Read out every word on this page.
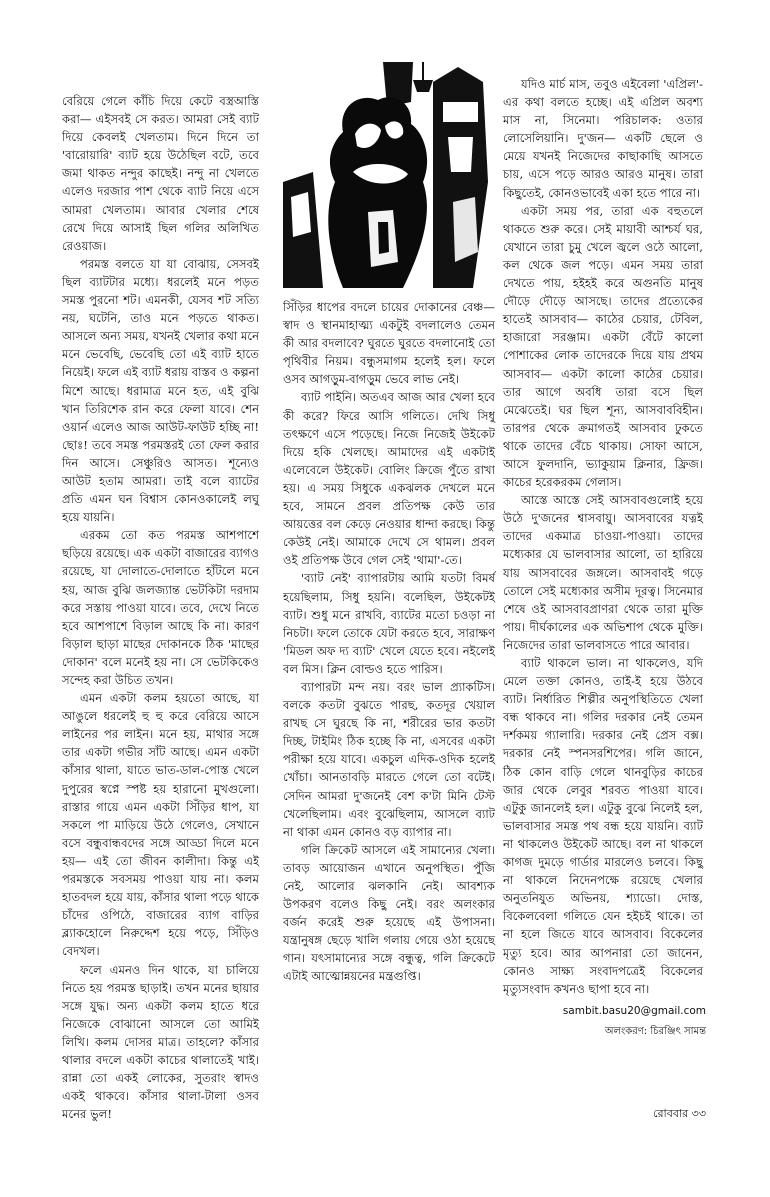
বেরিয়ে গেলে কাঁচি দিয়ে কেটে বস্ত্রআস্তি করা— এইসবই সে করত। আমরা সেই ব্যাট দিয়ে কেবলই খেলতাম। দিনে দিনে তা 'বারোয়ারি' ব্যাট হয়ে উঠেছিল বটে, তবে জমা থাকত নন্দুর কাছেই। নন্দু না খেলতে এলেও দরজার পাশ থেকে ব্যাট নিয়ে এসে আমরা খেলতাম। আবার খেলার শেষে রেখে দিয়ে আসাই ছিল গলির অলিখিত রেওয়াজ।

পরমস্ত বলতে যা যা বোঝায়, সেসবই ছিল ব্যাটটার মধ্যে। ধরলেই মনে পড়ত সমস্ত পুরনো শট। এমনকী, যেসব শট সত্যি নয়, ঘটেনি, তাও মনে পড়তে থাকত। আসলে অন্য সময়, যখনই খেলার কথা মনে মনে ভেবেছি, ভেবেছি তো এই ব্যাট হাতে নিয়েই। ফলে এই ব্যাট ধরায় বাস্তব ও কল্পনা মিশে আছে। ধরামাত্র মনে হত, এই বুঝি খান তিরিশেক রান করে ফেলা যাবে। শেন ওয়ার্ন এলেও আজ আউট-ফাউট হচ্ছি না! ছোঃ! তবে সমস্ত পরমস্তরই তো ফেল করার দিন আসে। সেঞ্চুরিও আসত। শূন্যেও আউট হতাম আমরা। তাই বলে ব্যাটের প্রতি এমন ঘন বিশ্বাস কোনওকালেই লঘু হয়ে যায়নি।

এরকম তো কত পরমস্ত আশপাশে ছড়িয়ে রয়েছে। এক একটা বাজারের ব্যাগও রয়েছে, যা দোলাতে-দোলাতে হাঁটলে মনে হয়, আজ বুঝি জলজ্যান্ত ভেটকিটা দরদাম করে সস্তায় পাওয়া যাবে। তবে, দেখে নিতে হবে আশপাশে বিড়াল আছে কি না। কারণ বিড়াল ছাড়া মাছের দোকানকে ঠিক 'মাছের দোকান' বলে মনেই হয় না। সে ভেটকিকেও সন্দেহ করা উচিত তখন।

এমন একটা কলম হয়তো আছে, যা আঙুলে ধরলেই হু হু করে বেরিয়ে আসে লাইনের পর লাইন। মনে হয়, মাথার সঙ্গে তার একটা গভীর সাঁট আছে। এমন একটা কাঁসার থালা, যাতে ভাত-ডাল-পোস্ত খেলে দুপুরের স্বপ্নে স্পষ্ট হয় হারানো মুখগুলো। রাস্তার গায়ে এমন একটা সিঁড়ির ধাপ, যা সকলে পা মাড়িয়ে উঠে গেলেও, সেখানে বসে বন্ধুবান্ধবদের সঙ্গে আড্ডা দিলে মনে হয়— এই তো জীবন কালীদা। কিন্তু এই পরমস্তকে সবসময় পাওয়া যায় না। কলম হাতবদল হয়ে যায়, কাঁসার থালা পড়ে থাকে চাঁদের ওপিঠে, বাজারের ব্যাগ বাড়ির ব্ল্যাকহোলে নিরুদ্দেশ হয়ে পড়ে, সিঁড়িও বেদখল।

ফলে এমনও দিন থাকে, যা চালিয়ে নিতে হয় পরমস্ত ছাড়াই। তখন মনের ছায়ার সঙ্গে যুদ্ধ। অন্য একটা কলম হাতে ধরে নিজেকে বোঝানো আসলে তো আমিই লিখি। কলম দোসর মাত্র। তাহলে? কাঁসার থালার বদলে একটা কাচের থালাতেই খাই। রান্না তো একই লোকের, সুতরাং স্বাদও একই থাকবে। কাঁসার থালা-টালা ওসব মনের ভুল!

সিঁড়ির ধাপের বদলে চায়ের দোকানের বেঞ্চ— স্বাদ ও স্থানমাহাত্ম্য একটুই বদলালেও তেমন কী আর বদলাবে? ঘুরতে ঘুরতে বদলানোই তো পৃথিবীর নিয়ম। বন্ধুসমাগম হলেই হল। ফলে ওসব আগড়ুম-বাগড়ুম ভেবে লাভ নেই।

ব্যাট পাইনি। অতএব আজ আর খেলা হবে কী করে? ফিরে আসি গলিতে। দেখি সিধু তৎক্ষণে এসে পড়েছে। নিজে নিজেই উইকেট দিয়ে হকি খেলছে। আমাদের এই একটাই এলেবেলে উইকেট। বোলিং ক্রিজে পুঁতে রাখা হয়। এ সময় সিধুকে একঝলক দেখলে মনে হবে, সামনে প্রবল প্রতিপক্ষ কেউ তার আয়ত্তের বল কেড়ে নেওয়ার ধান্দা করছে। কিন্তু কেউই নেই। আমাকে দেখে সে থামল। প্রবল ওই প্রতিপক্ষ উবে গেল সেই 'থামা'-তে।

'ব্যাট নেই' ব্যাপারটায় আমি যতটা বিমর্ষ হয়েছিলাম, সিধু হয়নি। বলেছিল, উইকেটই ব্যাট। শুধু মনে রাখবি, ব্যাটের মতো চওড়া না নিচটা। ফলে তোকে যেটা করতে হবে, সারাক্ষণ 'মিডল অফ দ্য ব্যাট' খেলে যেতে হবে। নইলেই বল মিস। ক্লিন বোল্ডও হতে পারিস।

ব্যাপারটা মন্দ নয়। বরং ভাল প্র্যাকটিস। বলকে কতটা বুঝতে পারছ, কতদূর খেয়াল রাখছ সে ঘুরছে কি না, শরীরের ভার কতটা দিচ্ছ, টাইমিং ঠিক হচ্ছে কি না, এসবের একটা পরীক্ষা হয়ে যাবে। একচুল এদিক-ওদিক হলেই খোঁচা। আনতাবড়ি মারতে গেলে তো বটেই। সেদিন আমরা দু'জনেই বেশ ক'টা মিনি টেস্ট খেলেছিলাম। এবং বুঝেছিলাম, আসলে ব্যাট না থাকা এমন কোনও বড় ব্যাপার না।

গলি ক্রিকেট আসলে এই সামান্যের খেলা। তাবড় আয়োজন এখানে অনুপস্থিত। পুঁজি নেই, আলোর ঝলকানি নেই। আবশ্যক উপকরণ বলেও কিছু নেই। বরং অলংকার বর্জন করেই শুরু হয়েছে এই উপাসনা। যন্ত্রানুষঙ্গ ছেড়ে খালি গলায় গেয়ে ওঠা হয়েছে গান। যৎসামান্যের সঙ্গে বন্ধুত্ব, গলি ক্রিকেটে এটাই আত্মোন্নয়নের মন্ত্রগুপ্তি।

যদিও মার্চ মাস, তবুও এইবেলা 'এপ্রিল'-এর কথা বলতে হচ্ছে। এই এপ্রিল অবশ্য মাস না, সিনেমা। পরিচালক: ওতার লোসেলিয়ানি। দু'জন— একটি ছেলে ও মেয়ে যখনই নিজেদের কাছাকাছি আসতে চায়, এসে পড়ে আরও আরও মানুষ। তারা কিছুতেই, কোনওভাবেই একা হতে পারে না।

একটা সময় পর, তারা এক বহুতলে থাকতে শুরু করে। সেই মায়াবী আশ্চর্য ঘর, যেখানে তারা চুমু খেলে জ্বলে ওঠে আলো, কল থেকে জল পড়ে। এমন সময় তারা দেখতে পায়, হইহই করে অগুনতি মানুষ দৌড়ে দৌড়ে আসছে। তাদের প্রত্যেকের হাতেই আসবাব— কাঠের চেয়ার, টেবিল, হাজারো সরঞ্জাম। একটা বেঁটে কালো পোশাকের লোক তাদেরকে দিয়ে যায় প্রথম আসবাব— একটা কালো কাঠের চেয়ার। তার আগে অবধি তারা বসে ছিল মেঝেতেই। ঘর ছিল শূন্য, আসবাববিহীন। তারপর থেকে ক্রমাগতই আসবাব ঢুকতে থাকে তাদের বেঁচে থাকায়। সোফা আসে, আসে ফুলদানি, ভ্যাকুয়াম ক্লিনার, ফ্রিজ। কাচের হরেকরকম গেলাস।

আস্তে আস্তে সেই আসবাবগুলোই হয়ে উঠে দু'জনের শ্বাসবায়ু। আসবাবের যত্নই তাদের একমাত্র চাওয়া-পাওয়া। তাদের মধ্যেকার যে ভালবাসার আলো, তা হারিয়ে যায় আসবাবের জঙ্গলে। আসবাবই গড়ে তোলে সেই মধ্যেকার অসীম দূরত্ব। সিনেমার শেষে ওই আসবাবপ্রাণরা থেকে তারা মুক্তি পায়। দীর্ঘকালের এক অভিশাপ থেকে মুক্তি। নিজেদের তারা ভালবাসতে পারে আবার।

ব্যাট থাকলে ভাল। না থাকলেও, যদি মেলে তক্তা কোনও, তাই-ই হয়ে উঠবে ব্যাট। নির্ধারিত শিল্পীর অনুপস্থিতিতে খেলা বন্ধ থাকবে না। গলির দরকার নেই তেমন দর্শকময় গ্যালারি। দরকার নেই প্রেস বক্স। দরকার নেই স্পনসরশিপের। গলি জানে, ঠিক কোন বাড়ি গেলে থানবুড়ির কাচের জার থেকে লেবুর শরবত পাওয়া যাবে। এটুকু জানলেই হল। এটুকু বুঝে নিলেই হল, ভালবাসার সমস্ত পথ বন্ধ হয়ে যায়নি। ব্যাট না থাকলেও উইকেট আছে। বল না থাকলে কাগজ দুমড়ে গার্ডার মারলেও চলবে। কিছু না থাকলে নিদেনপক্ষে রয়েছে খেলার অনুতনিযুত অভিনয়, শ্যাডো। দোস্ত, বিকেলবেলা গলিতে যেন হইচই থাকে। তা না হলে জিতে যাবে আসবাব। বিকেলের মৃত্যু হবে। আর আপনারা তো জানেন, কোনও সাক্ষ্য সংবাদপত্রেই বিকেলের মৃত্যুসংবাদ কখনও ছাপা হবে না।

sambit.basu20@gmail.com
অলংকরণ: চিরঞ্জিৎ সামন্ত
রোববার ৩৩
